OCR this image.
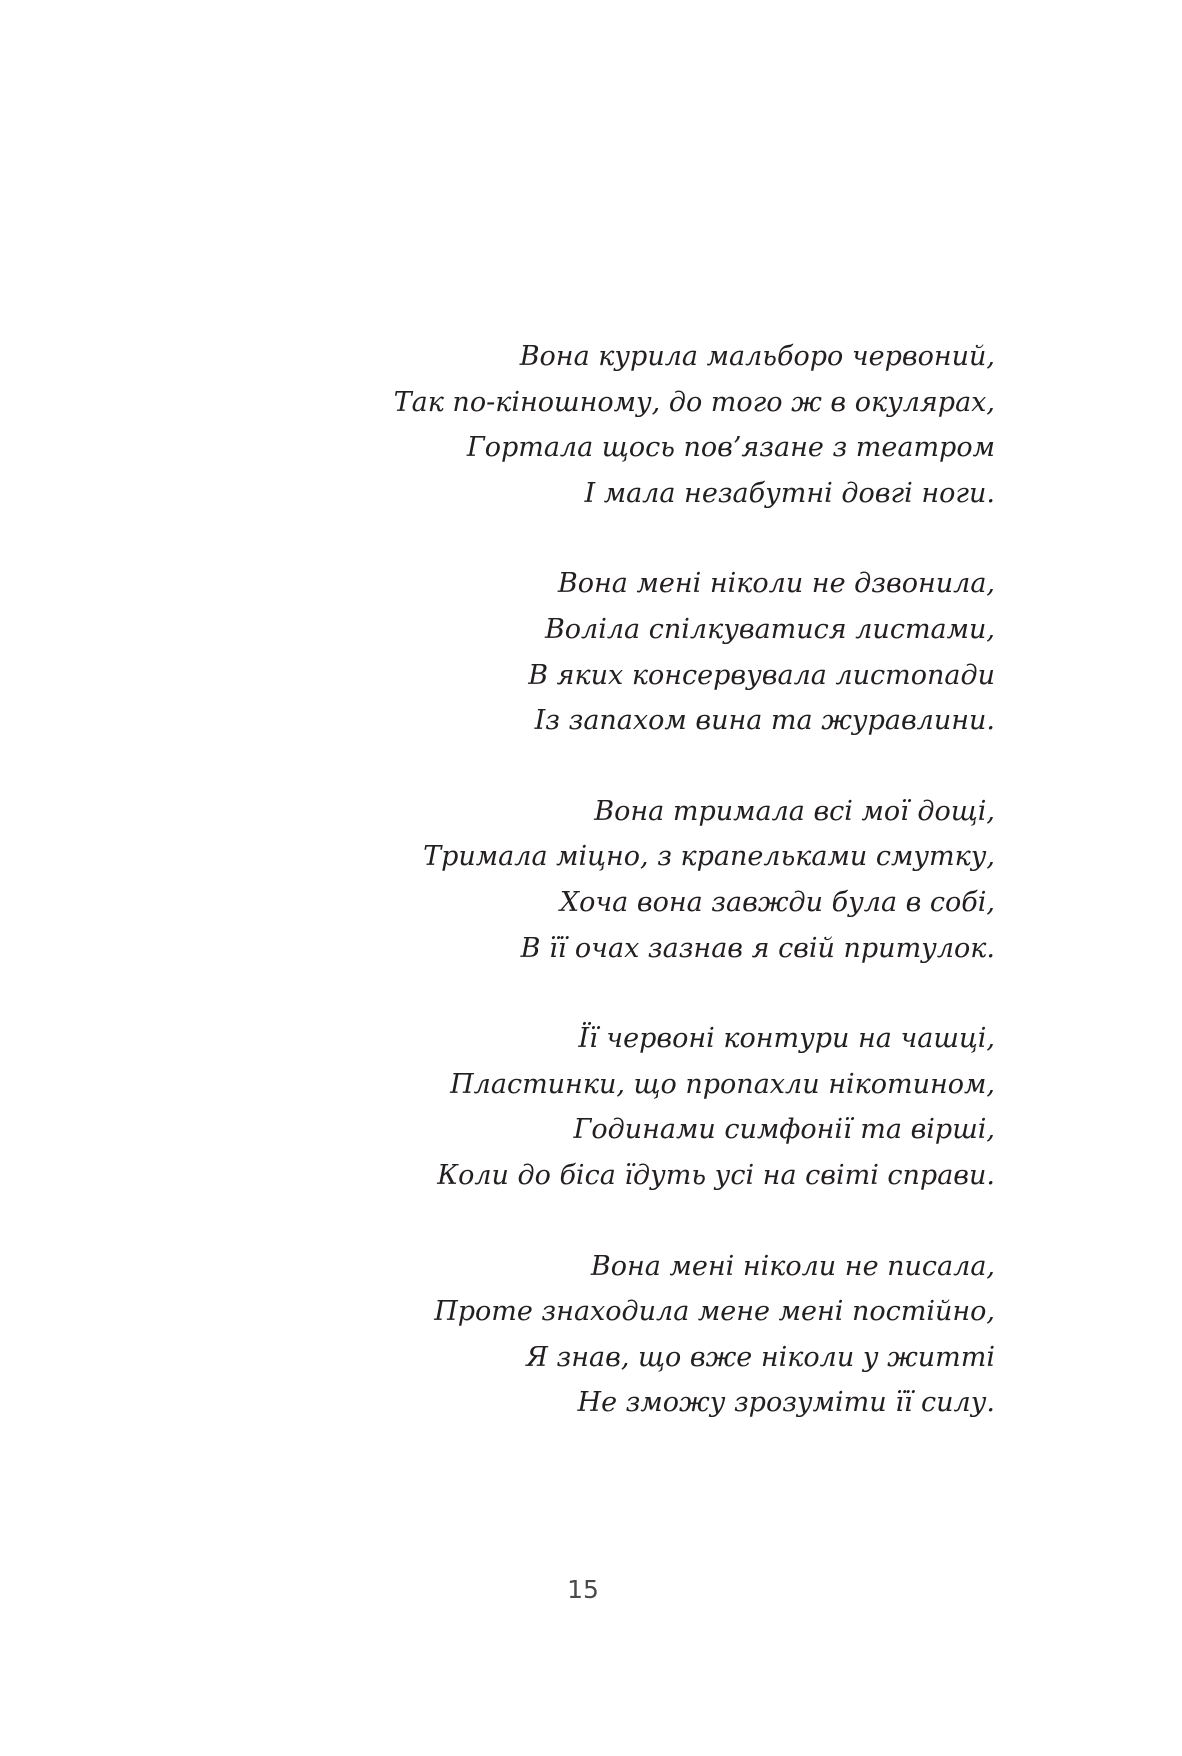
Вона курила мальборо червоний,
Так по-кіношному, до того ж в окулярах,
Гортала щось пов’язане з театром
І мала незабутні довгі ноги.
Вона мені ніколи не дзвонила,
Воліла спілкуватися листами,
В яких консервувала листопади
Із запахом вина та журавлини.
Вона тримала всі мої дощі,
Тримала міцно, з крапельками смутку,
Хоча вона завжди була в собі,
В її очах зазнав я свій притулок.
Її червоні контури на чашці,
Пластинки, що пропахли нікотином,
Годинами симфонії та вірші,
Коли до біса їдуть усі на світі справи.
Вона мені ніколи не писала,
Проте знаходила мене мені постійно,
Я знав, що вже ніколи у житті
Не зможу зрозуміти її силу.
15
